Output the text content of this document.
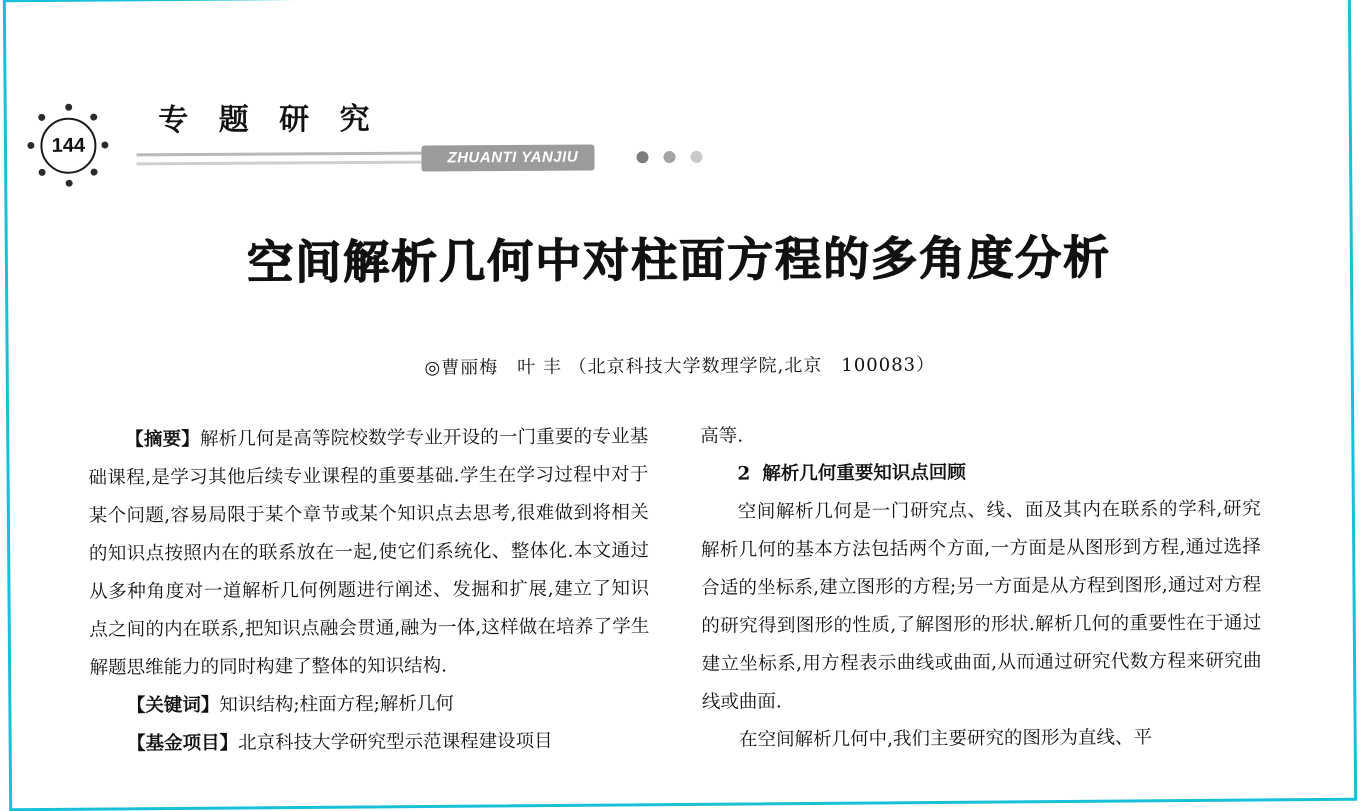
144
专 题 研 究
ZHUANTI YANJIU
空间解析几何中对柱面方程的多角度分析
◎曹丽梅　叶 丰 （北京科技大学数理学院,北京　100083）

【摘要】解析几何是高等院校数学专业开设的一门重要的专业基础课程,是学习其他后续专业课程的重要基础.学生在学习过程中对于某个问题,容易局限于某个章节或某个知识点去思考,很难做到将相关的知识点按照内在的联系放在一起,使它们系统化、整体化.本文通过从多种角度对一道解析几何例题进行阐述、发掘和扩展,建立了知识点之间的内在联系,把知识点融会贯通,融为一体,这样做在培养了学生解题思维能力的同时构建了整体的知识结构.

【关键词】知识结构;柱面方程;解析几何

【基金项目】北京科技大学研究型示范课程建设项目

高等.

2 解析几何重要知识点回顾

空间解析几何是一门研究点、线、面及其内在联系的学科,研究解析几何的基本方法包括两个方面,一方面是从图形到方程,通过选择合适的坐标系,建立图形的方程;另一方面是从方程到图形,通过对方程的研究得到图形的性质,了解图形的形状.解析几何的重要性在于通过建立坐标系,用方程表示曲线或曲面,从而通过研究代数方程来研究曲线或曲面.

在空间解析几何中,我们主要研究的图形为直线、平
